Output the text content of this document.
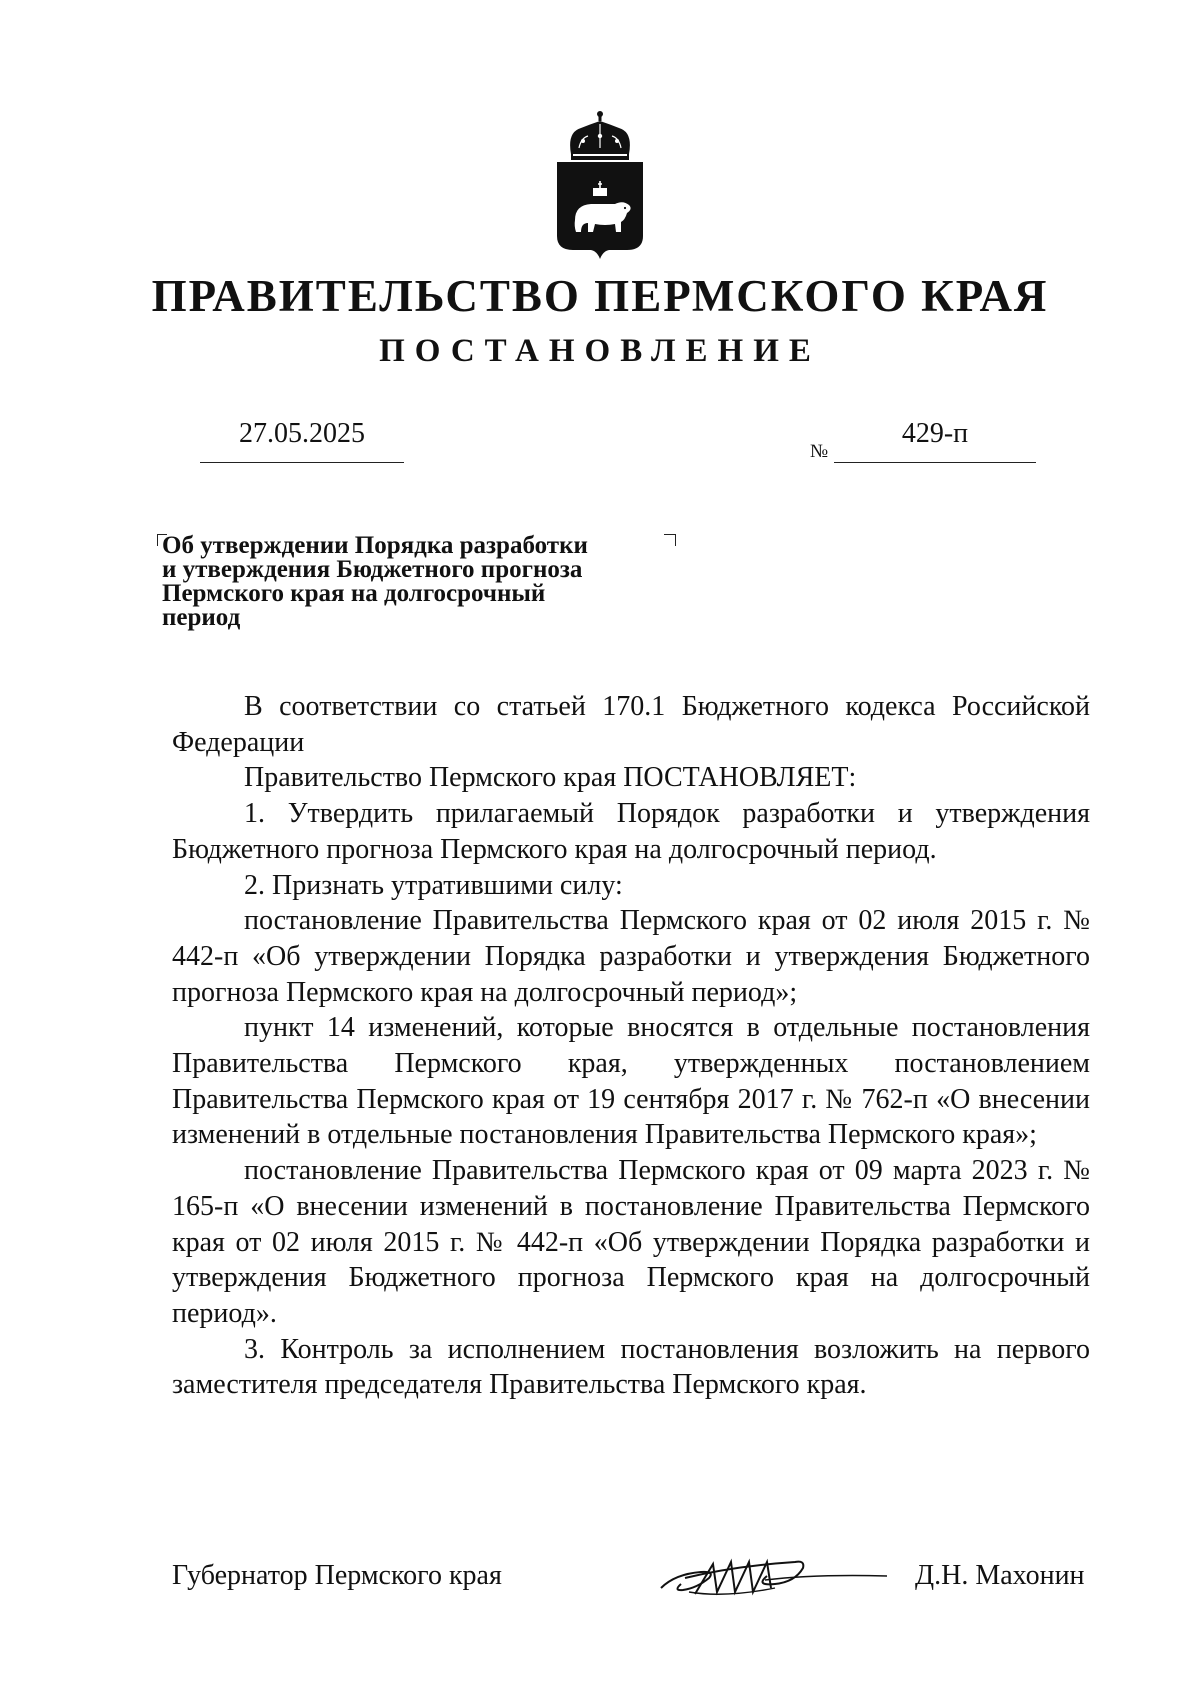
ПРАВИТЕЛЬСТВО ПЕРМСКОГО КРАЯ
ПОСТАНОВЛЕНИЕ
27.05.2025
№
429-п
Об утверждении Порядка разработки
и утверждения Бюджетного прогноза
Пермского края на долгосрочный
период

В соответствии со статьей 170.1 Бюджетного кодекса Российской Федерации

Правительство Пермского края ПОСТАНОВЛЯЕТ:

1. Утвердить прилагаемый Порядок разработки и утверждения Бюджетного прогноза Пермского края на долгосрочный период.

2. Признать утратившими силу:

постановление Правительства Пермского края от 02 июля 2015 г. № 442-п «Об утверждении Порядка разработки и утверждения Бюджетного прогноза Пермского края на долгосрочный период»;

пункт 14 изменений, которые вносятся в отдельные постановления Правительства Пермского края, утвержденных постановлением Правительства Пермского края от 19 сентября 2017 г. № 762-п «О внесении изменений в отдельные постановления Правительства Пермского края»;

постановление Правительства Пермского края от 09 марта 2023 г. № 165-п «О внесении изменений в постановление Правительства Пермского края от 02 июля 2015 г. № 442-п «Об утверждении Порядка разработки и утверждения Бюджетного прогноза Пермского края на долгосрочный период».

3. Контроль за исполнением постановления возложить на первого заместителя председателя Правительства Пермского края.

Губернатор Пермского края	Д.Н. Махонин
